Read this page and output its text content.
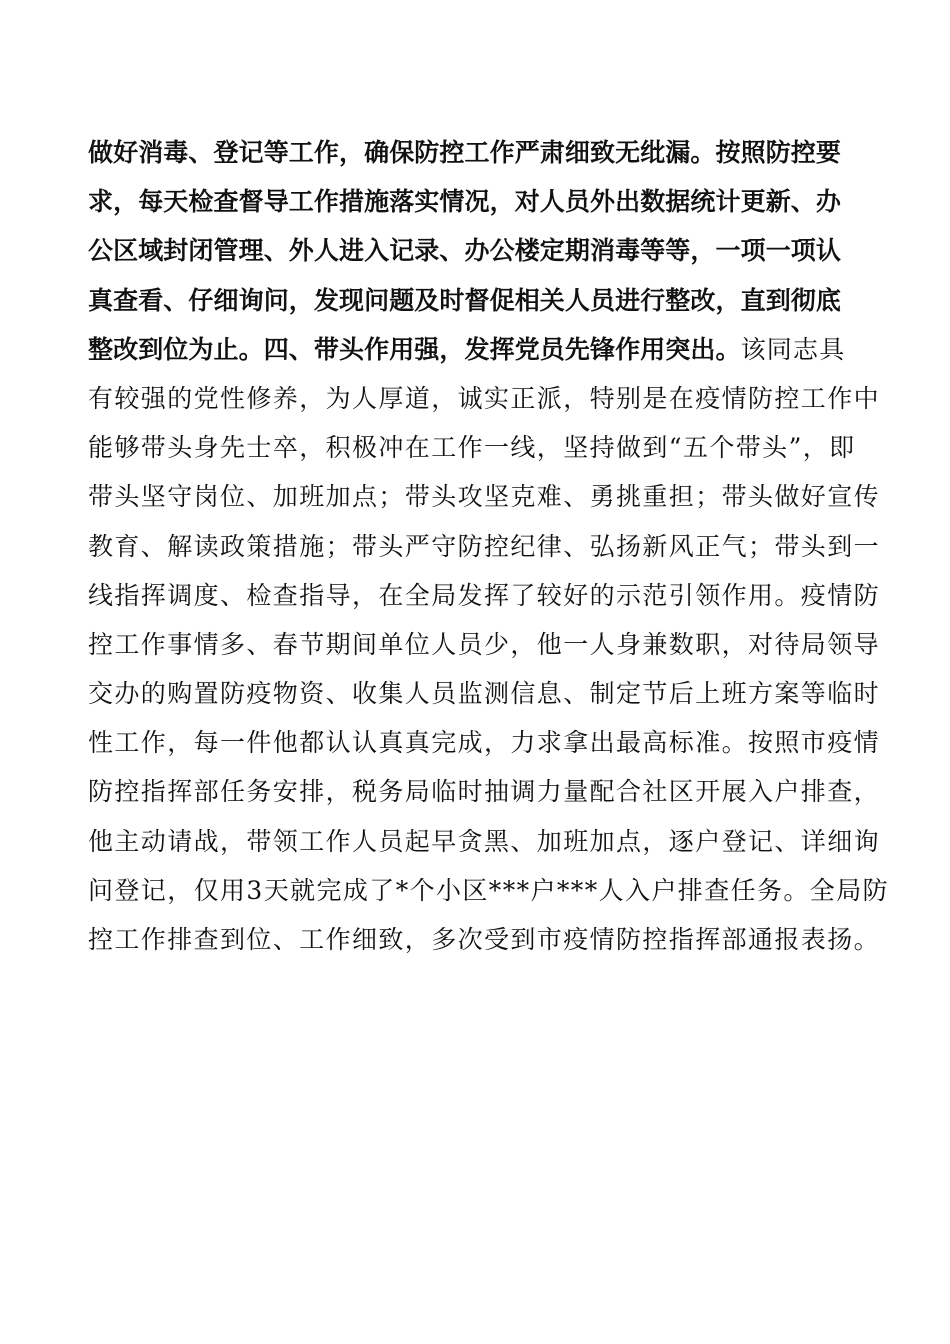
做好消毒、登记等工作，确保防控工作严肃细致无纰漏。按照防控要
求，每天检查督导工作措施落实情况，对人员外出数据统计更新、办
公区域封闭管理、外人进入记录、办公楼定期消毒等等，一项一项认
真查看、仔细询问，发现问题及时督促相关人员进行整改，直到彻底
整改到位为止。四、带头作用强，发挥党员先锋作用突出。该同志具
有较强的党性修养，为人厚道，诚实正派，特别是在疫情防控工作中
能够带头身先士卒，积极冲在工作一线，坚持做到“五个带头”，即
带头坚守岗位、加班加点；带头攻坚克难、勇挑重担；带头做好宣传
教育、解读政策措施；带头严守防控纪律、弘扬新风正气；带头到一
线指挥调度、检查指导，在全局发挥了较好的示范引领作用。疫情防
控工作事情多、春节期间单位人员少，他一人身兼数职，对待局领导
交办的购置防疫物资、收集人员监测信息、制定节后上班方案等临时
性工作，每一件他都认认真真完成，力求拿出最高标准。按照市疫情
防控指挥部任务安排，税务局临时抽调力量配合社区开展入户排查，
他主动请战，带领工作人员起早贪黑、加班加点，逐户登记、详细询
问登记，仅用3天就完成了*个小区***户***人入户排查任务。全局防
控工作排查到位、工作细致，多次受到市疫情防控指挥部通报表扬。
